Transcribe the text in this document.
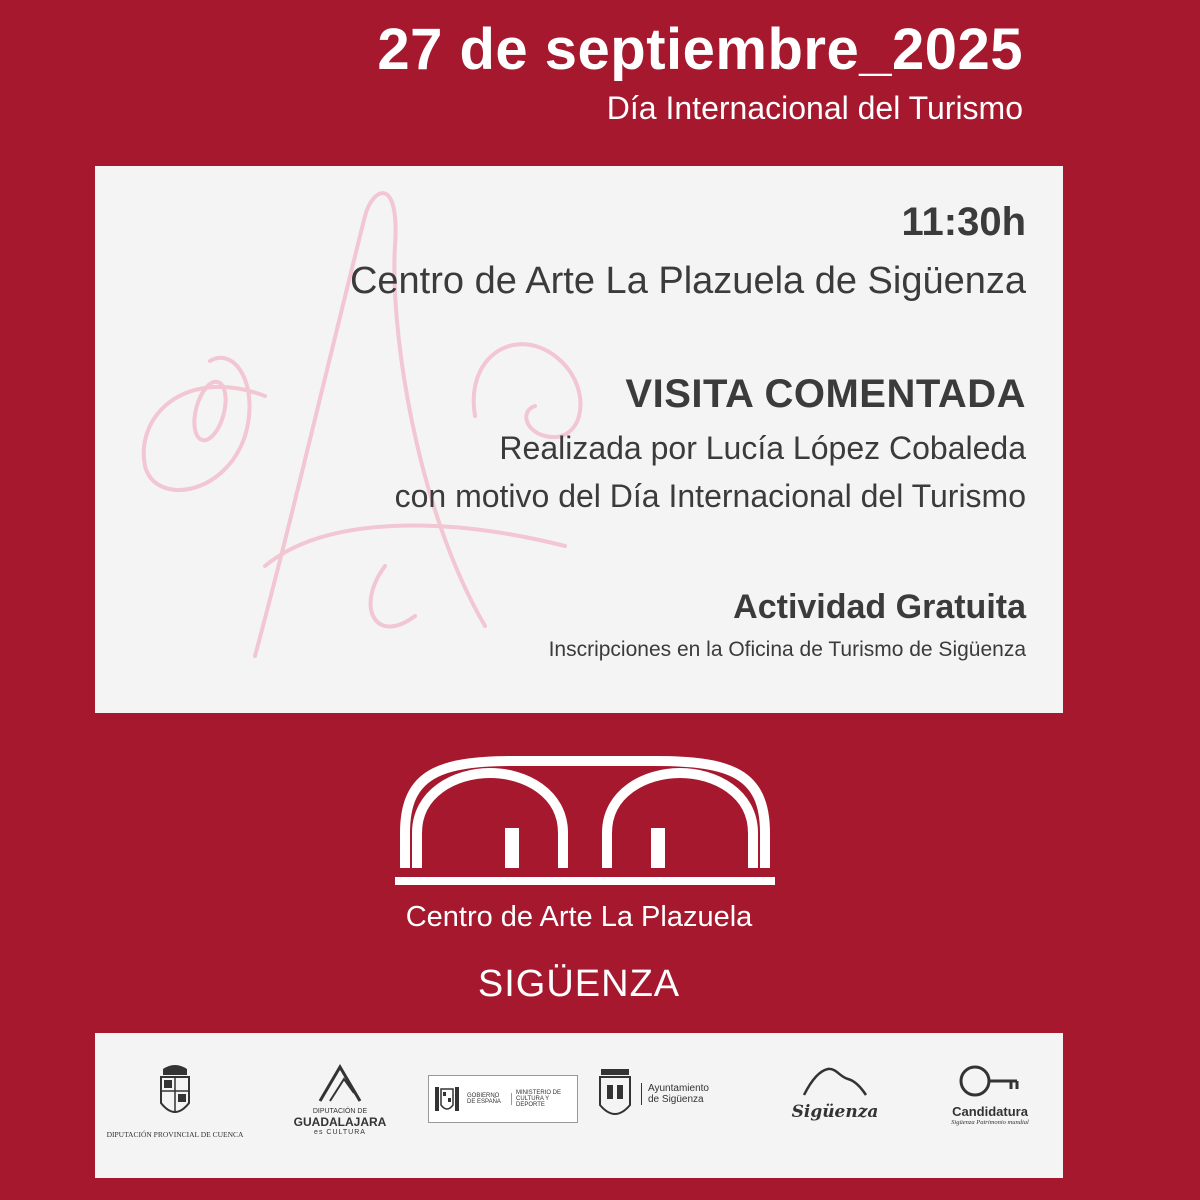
27 de septiembre_2025
Día Internacional del Turismo
11:30h
Centro de Arte La Plazuela de Sigüenza
VISITA COMENTADA
Realizada por Lucía López Cobaleda
con motivo del Día Internacional del Turismo
Actividad Gratuita
Inscripciones en la Oficina de Turismo de Sigüenza
Centro de Arte La Plazuela
SIGÜENZA
DIPUTACIÓN PROVINCIAL DE CUENCA
DIPUTACIÓN DE
GUADALAJARA
es CULTURA
GOBIERNO DE ESPAÑA
MINISTERIO DE CULTURA Y DEPORTE
Ayuntamiento
de Sigüenza
Sigüenza	Candidatura
Sigüenza Patrimonio mundial
